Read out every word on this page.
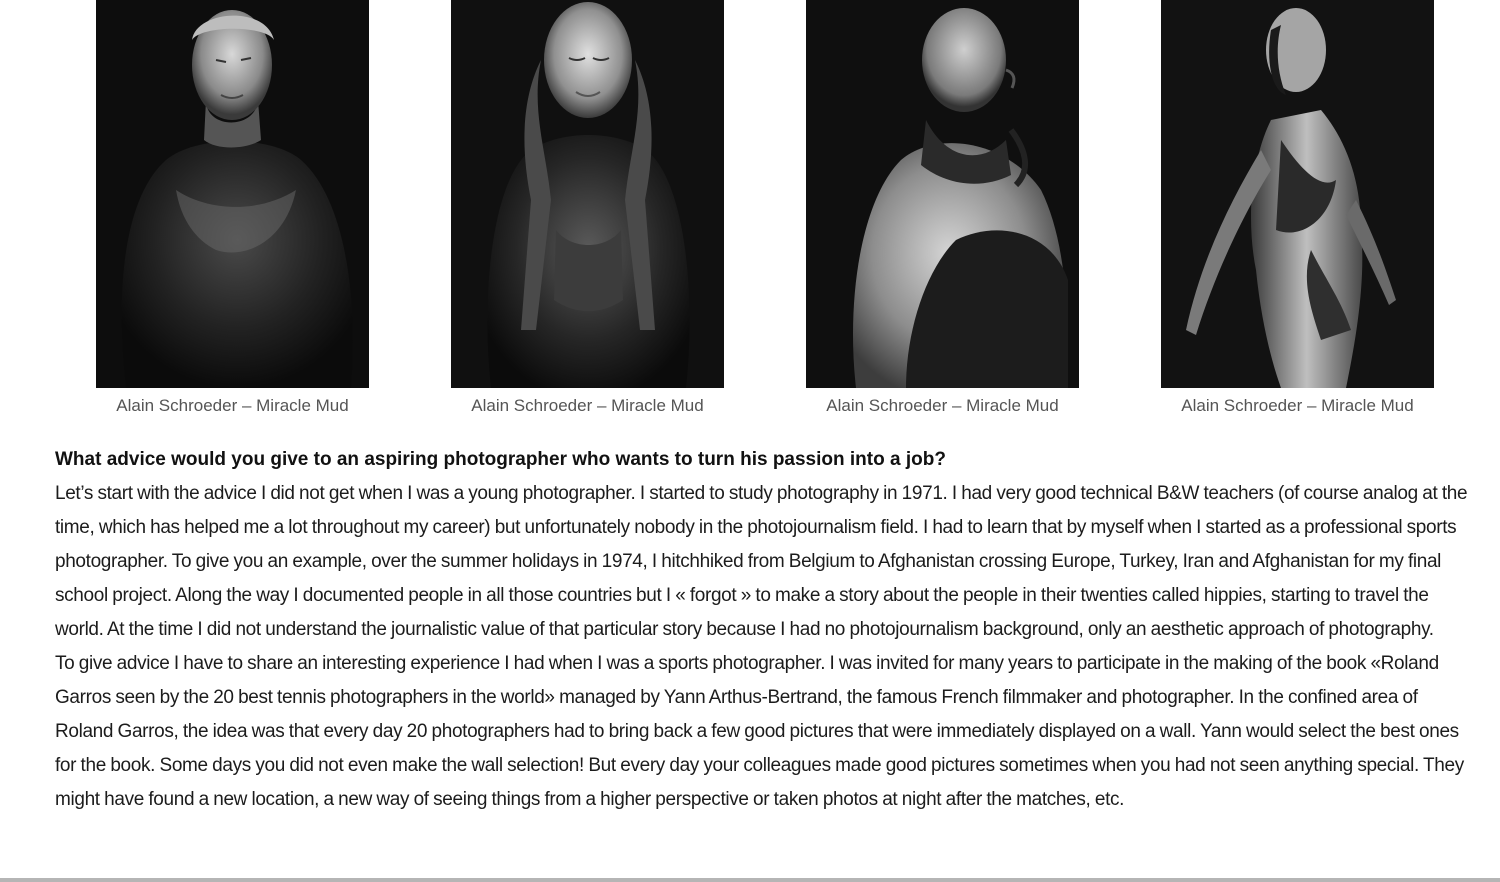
Alain Schroeder – Miracle Mud	Alain Schroeder – Miracle Mud	Alain Schroeder – Miracle Mud	Alain Schroeder – Miracle Mud

What advice would you give to an aspiring photographer who wants to turn his passion into a job?

Let’s start with the advice I did not get when I was a young photographer. I started to study photography in 1971. I had very good technical B&W teachers (of course analog at the time, which has helped me a lot throughout my career) but unfortunately nobody in the photojournalism field. I had to learn that by myself when I started as a professional sports photographer. To give you an example, over the summer holidays in 1974, I hitchhiked from Belgium to Afghanistan crossing Europe, Turkey, Iran and Afghanistan for my final school project. Along the way I documented people in all those countries but I « forgot » to make a story about the people in their twenties called hippies, starting to travel the world. At the time I did not understand the journalistic value of that particular story because I had no photojournalism background, only an aesthetic approach of photography.

To give advice I have to share an interesting experience I had when I was a sports photographer. I was invited for many years to participate in the making of the book «Roland Garros seen by the 20 best tennis photographers in the world» managed by Yann Arthus-Bertrand, the famous French filmmaker and photographer. In the confined area of Roland Garros, the idea was that every day 20 photographers had to bring back a few good pictures that were immediately displayed on a wall. Yann would select the best ones for the book. Some days you did not even make the wall selection! But every day your colleagues made good pictures sometimes when you had not seen anything special. They might have found a new location, a new way of seeing things from a higher perspective or taken photos at night after the matches, etc.
